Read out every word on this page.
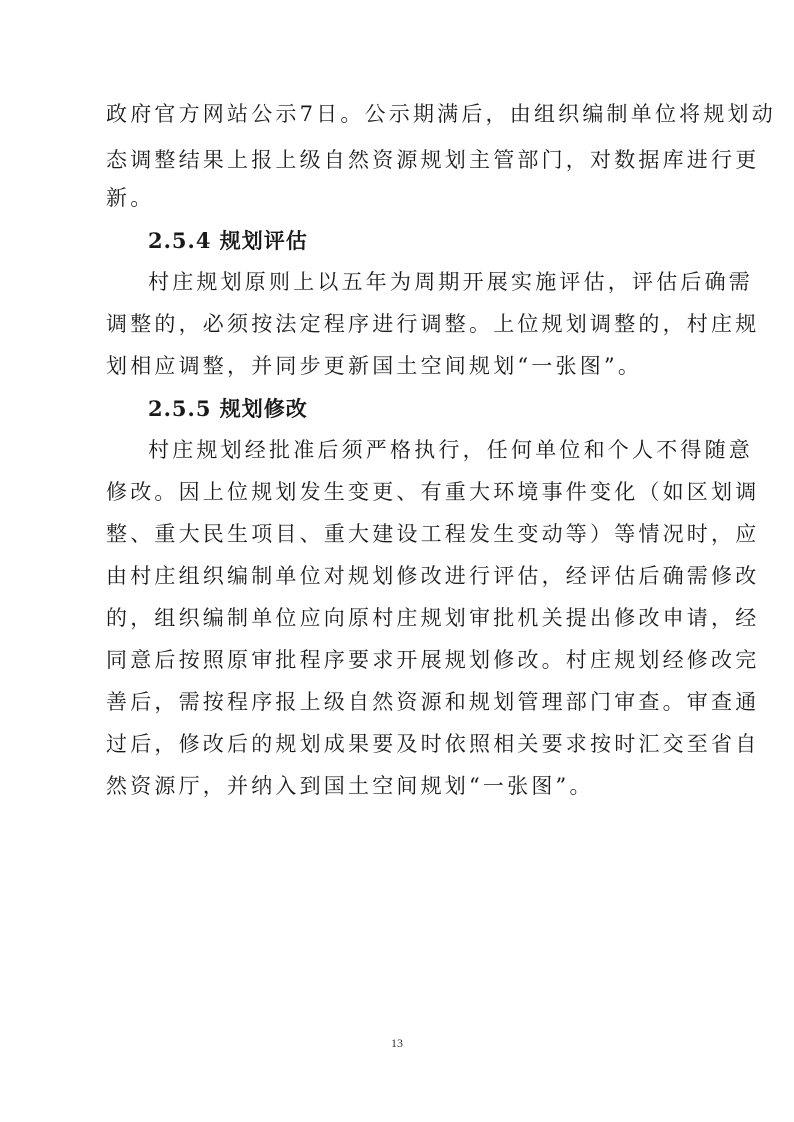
政府官方网站公示7日。公示期满后，由组织编制单位将规划动
态调整结果上报上级自然资源规划主管部门，对数据库进行更
新。
2.5.4 规划评估
村庄规划原则上以五年为周期开展实施评估，评估后确需
调整的，必须按法定程序进行调整。上位规划调整的，村庄规
划相应调整，并同步更新国土空间规划“一张图”。
2.5.5 规划修改
村庄规划经批准后须严格执行，任何单位和个人不得随意
修改。因上位规划发生变更、有重大环境事件变化（如区划调
整、重大民生项目、重大建设工程发生变动等）等情况时，应
由村庄组织编制单位对规划修改进行评估，经评估后确需修改
的，组织编制单位应向原村庄规划审批机关提出修改申请，经
同意后按照原审批程序要求开展规划修改。村庄规划经修改完
善后，需按程序报上级自然资源和规划管理部门审查。审查通
过后，修改后的规划成果要及时依照相关要求按时汇交至省自
然资源厅，并纳入到国土空间规划“一张图”。
13
